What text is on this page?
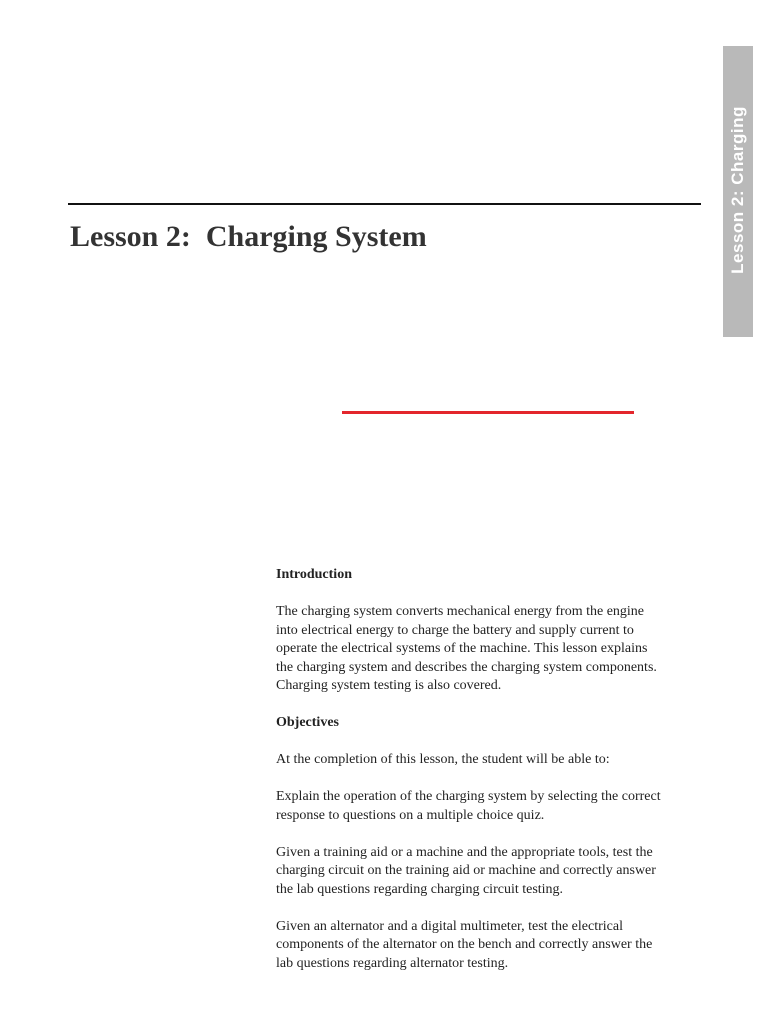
Lesson 2: Charging
Lesson 2:  Charging System
Introduction

The charging system converts mechanical energy from the engine
into electrical energy to charge the battery and supply current to
operate the electrical systems of the machine. This lesson explains
the charging system and describes the charging system components.
Charging system testing is also covered.

Objectives

At the completion of this lesson, the student will be able to:

Explain the operation of the charging system by selecting the correct
response to questions on a multiple choice quiz.

Given a training aid or a machine and the appropriate tools, test the
charging circuit on the training aid or machine and correctly answer
the lab questions regarding charging circuit testing.

Given an alternator and a digital multimeter, test the electrical
components of the alternator on the bench and correctly answer the
lab questions regarding alternator testing.
